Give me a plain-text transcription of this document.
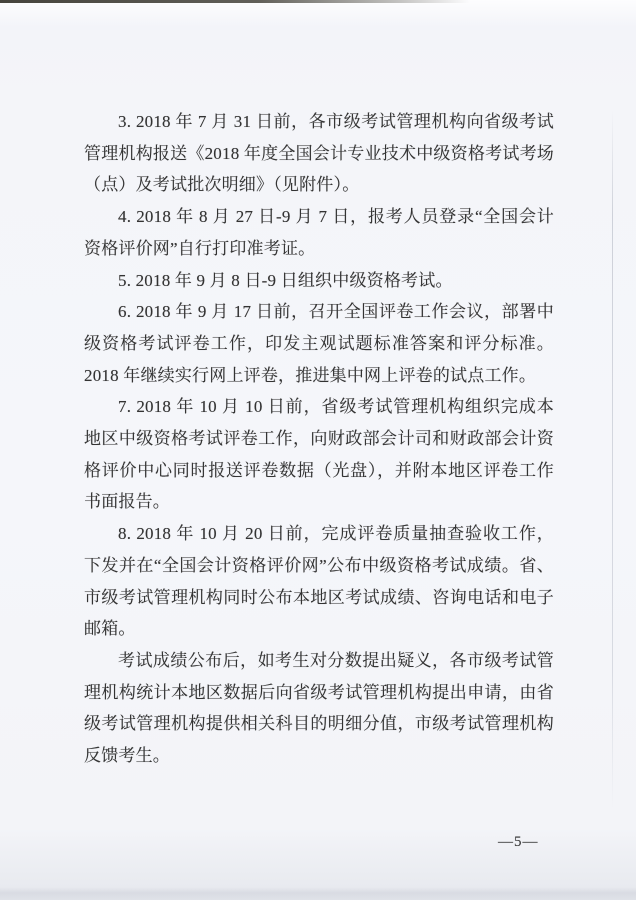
3. 2018 年 7 月 31 日前，各市级考试管理机构向省级考试管理机构报送《2018 年度全国会计专业技术中级资格考试考场（点）及考试批次明细》（见附件）。

4. 2018 年 8 月 27 日-9 月 7 日，报考人员登录“全国会计资格评价网”自行打印准考证。

5. 2018 年 9 月 8 日-9 日组织中级资格考试。

6. 2018 年 9 月 17 日前，召开全国评卷工作会议，部署中级资格考试评卷工作，印发主观试题标准答案和评分标准。2018 年继续实行网上评卷，推进集中网上评卷的试点工作。

7. 2018 年 10 月 10 日前，省级考试管理机构组织完成本地区中级资格考试评卷工作，向财政部会计司和财政部会计资格评价中心同时报送评卷数据（光盘），并附本地区评卷工作书面报告。

8. 2018 年 10 月 20 日前，完成评卷质量抽查验收工作，下发并在“全国会计资格评价网”公布中级资格考试成绩。省、市级考试管理机构同时公布本地区考试成绩、咨询电话和电子邮箱。

考试成绩公布后，如考生对分数提出疑义，各市级考试管理机构统计本地区数据后向省级考试管理机构提出申请，由省级考试管理机构提供相关科目的明细分值，市级考试管理机构反馈考生。

—5—
